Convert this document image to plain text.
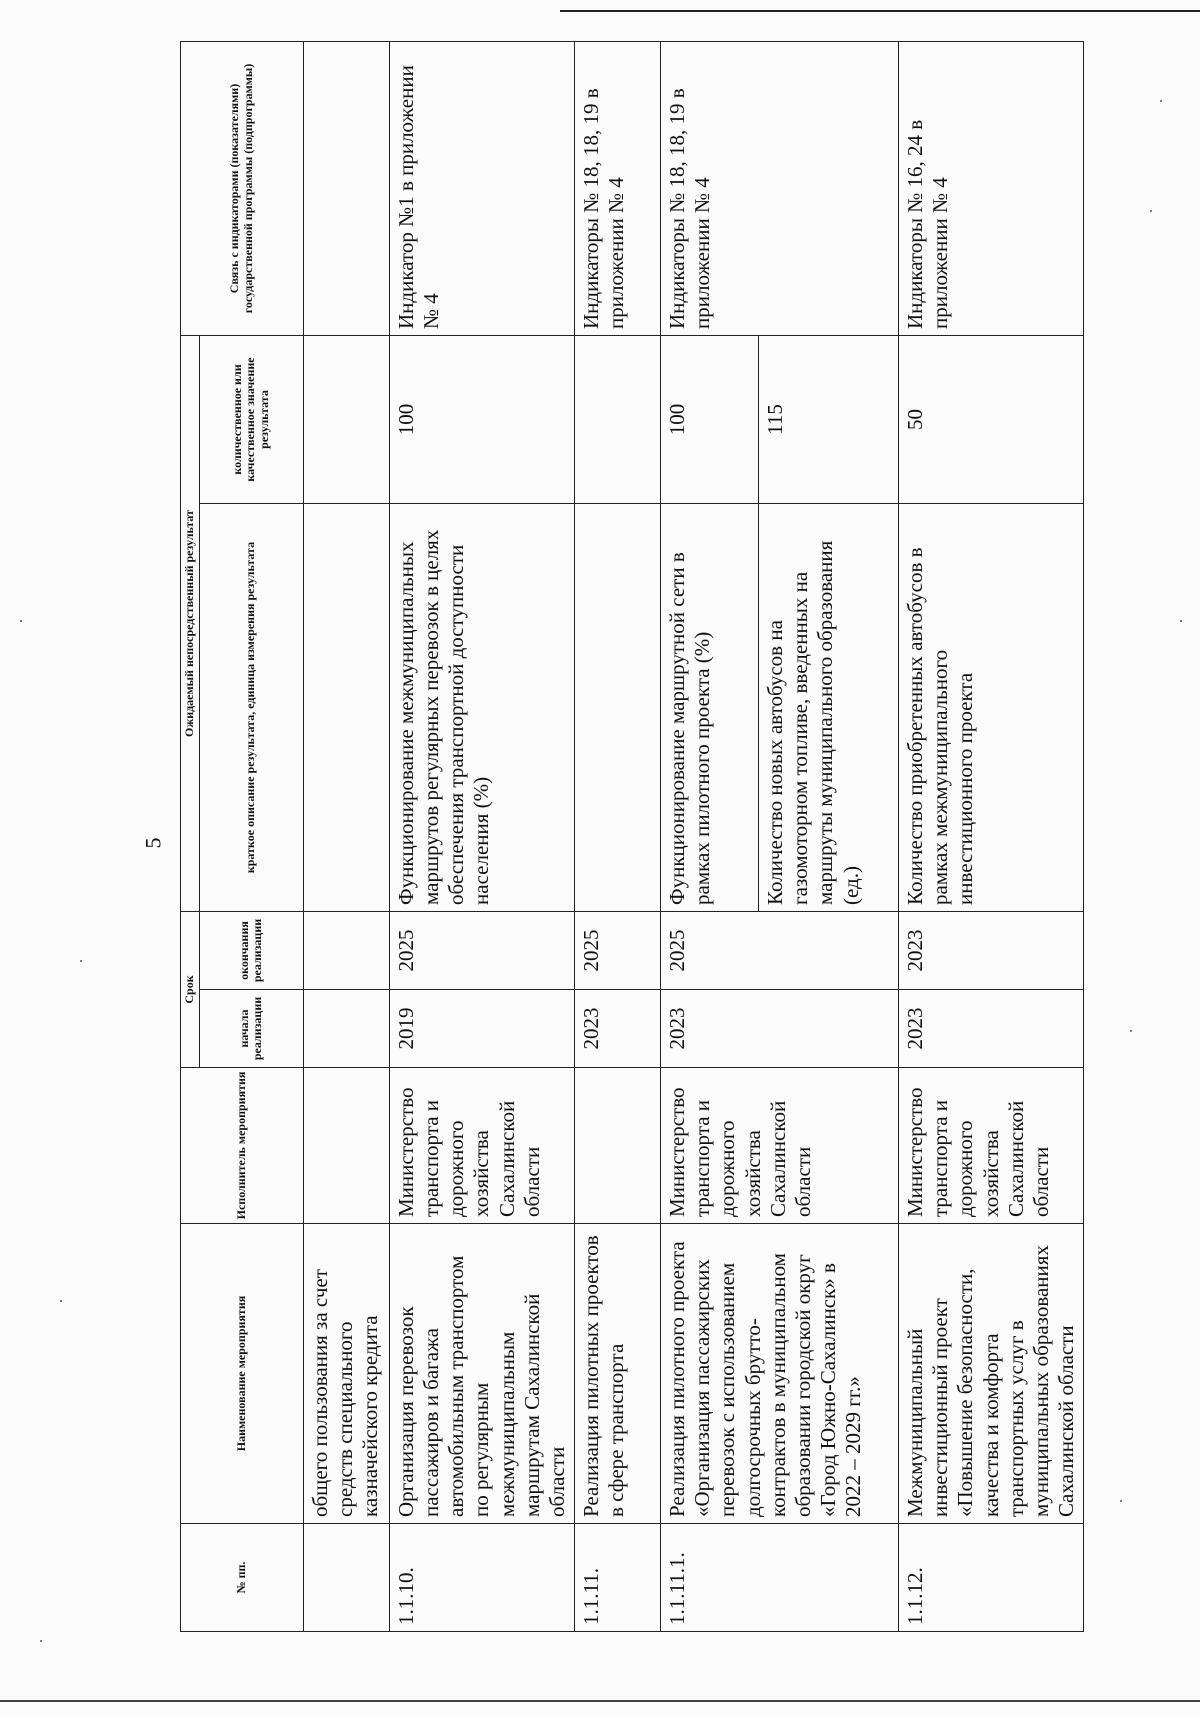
5
№ пп.	Наименование мероприятия	Исполнитель мероприятия	Срок		Ожидаемый непосредственный результат		Связь с индикаторами (показателями) государственной программы (подпрограммы)
			начала реализации	окончания реализации	краткое описание результата, единица измерения результата	количественное или качественное значение результата	
	общего пользования за счет средств специального казначейского кредита						
1.1.10.	Организация перевозок пассажиров и багажа автомобильным транспортом по регулярным межмуниципальным маршрутам Сахалинской области	Министерство транспорта и дорожного хозяйства Сахалинской области	2019	2025	Функционирование межмуниципальных маршрутов регулярных перевозок в целях обеспечения транспортной доступности населения (%)	100	Индикатор №1 в приложении № 4
1.1.11.	Реализация пилотных проектов в сфере транспорта		2023	2025			Индикаторы № 18, 18, 19 в приложении № 4
1.1.11.1.	Реализация пилотного проекта «Организация пассажирских перевозок с использованием долгосрочных брутто-контрактов в муниципальном образовании городской округ «Город Южно-Сахалинск» в 2022 – 2029 гг.»	Министерство транспорта и дорожного хозяйства Сахалинской области	2023	2025	Функционирование маршрутной сети в рамках пилотного проекта (%)	100	Индикаторы № 18, 18, 19 в приложении № 4
					Количество новых автобусов на газомоторном топливе, введенных на маршруты муниципального образования (ед.)	115	
1.1.12.	Межмуниципальный инвестиционный проект «Повышение безопасности, качества и комфорта транспортных услуг в муниципальных образованиях Сахалинской области	Министерство транспорта и дорожного хозяйства Сахалинской области	2023	2023	Количество приобретенных автобусов в рамках межмуниципального инвестиционного проекта	50	Индикаторы № 16, 24 в приложении № 4
